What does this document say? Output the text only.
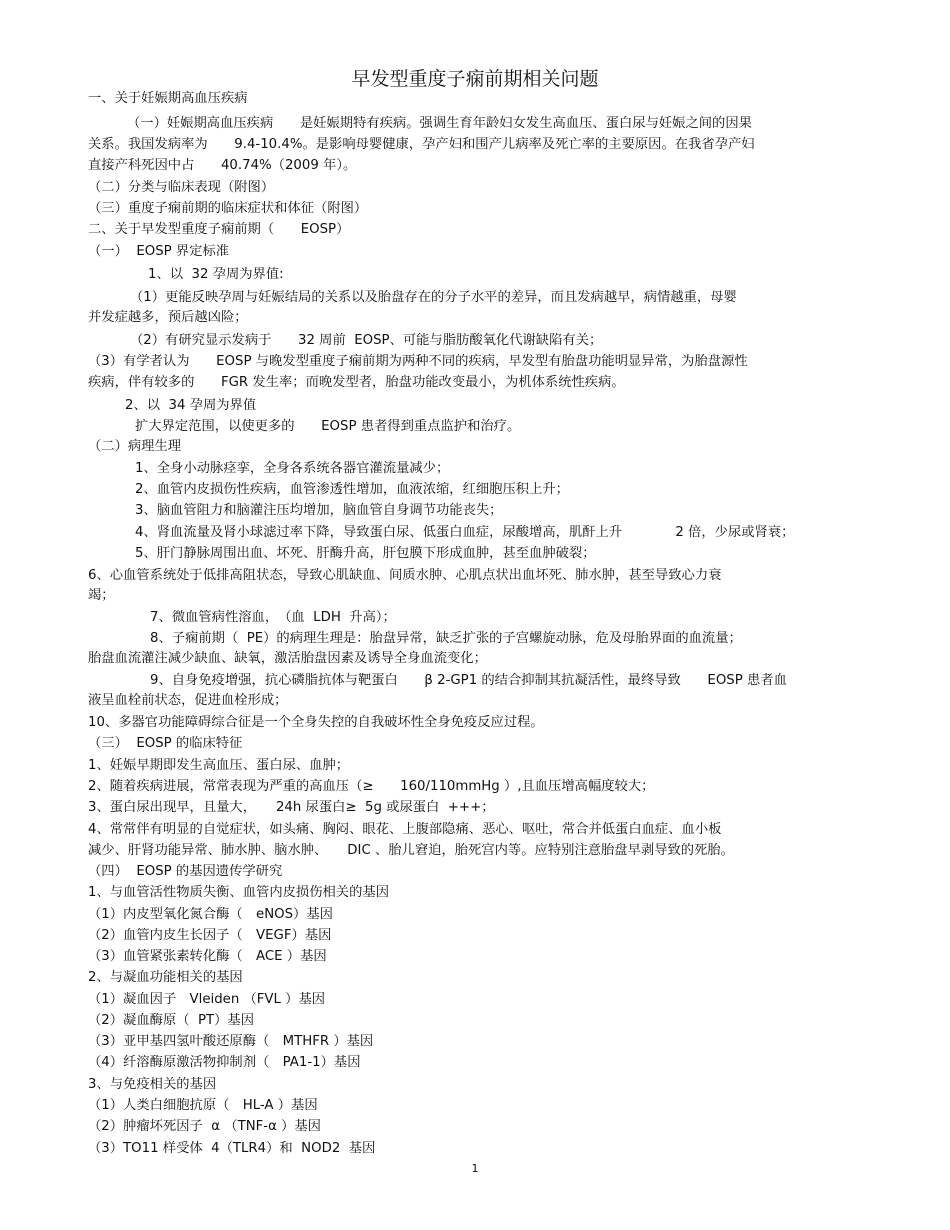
早发型重度子痫前期相关问题
一、关于妊娠期高血压疾病
（一）妊娠期高血压疾病　　是妊娠期特有疾病。强调生育年龄妇女发生高血压、蛋白尿与妊娠之间的因果
关系。我国发病率为　　9.4-10.4%。是影响母婴健康，孕产妇和围产儿病率及死亡率的主要原因。在我省孕产妇
直接产科死因中占　　40.74%（2009 年）。
（二）分类与临床表现（附图）
（三）重度子痫前期的临床症状和体征（附图）
二、关于早发型重度子痫前期（　　EOSP）
（一）  EOSP 界定标准
1、以  32 孕周为界值:
（1）更能反映孕周与妊娠结局的关系以及胎盘存在的分子水平的差异，而且发病越早，病情越重，母婴
并发症越多，预后越凶险；
（2）有研究显示发病于　　32 周前  EOSP、可能与脂肪酸氧化代谢缺陷有关；
（3）有学者认为　　EOSP 与晚发型重度子痫前期为两种不同的疾病，早发型有胎盘功能明显异常，为胎盘源性
疾病，伴有较多的　　FGR 发生率；而晚发型者，胎盘功能改变最小，为机体系统性疾病。
2、以  34 孕周为界值
扩大界定范围，以使更多的　　EOSP 患者得到重点监护和治疗。
（二）病理生理
1、全身小动脉痉挛，全身各系统各器官灌流量减少；
2、血管内皮损伤性疾病，血管渗透性增加，血液浓缩，红细胞压积上升；
3、脑血管阻力和脑灌注压均增加，脑血管自身调节功能丧失；
4、肾血流量及肾小球滤过率下降，导致蛋白尿、低蛋白血症，尿酸增高，肌酐上升　　　　2 倍，少尿或肾衰；
5、肝门静脉周围出血、坏死、肝酶升高，肝包膜下形成血肿，甚至血肿破裂；
6、心血管系统处于低排高阻状态，导致心肌缺血、间质水肿、心肌点状出血坏死、肺水肿，甚至导致心力衰
竭；
7、微血管病性溶血，　（血  LDH  升高）；
8、子痫前期（  PE）的病理生理是：胎盘异常，缺乏扩张的子宫螺旋动脉，危及母胎界面的血流量；
胎盘血流灌注减少缺血、缺氧，激活胎盘因素及诱导全身血流变化；
9、自身免疫增强，抗心磷脂抗体与靶蛋白　　β 2-GP1 的结合抑制其抗凝活性，最终导致　　EOSP 患者血
液呈血栓前状态，促进血栓形成；
10、多器官功能障碍综合征是一个全身失控的自我破坏性全身免疫反应过程。
（三）  EOSP 的临床特征
1、妊娠早期即发生高血压、蛋白尿、血肿；
2、随着疾病进展，常常表现为严重的高血压（≥　　160/110mmHg ）,且血压增高幅度较大；
3、蛋白尿出现早，且量大，　　24h 尿蛋白≥  5g 或尿蛋白  +++；
4、常常伴有明显的自觉症状，如头痛、胸闷、眼花、上腹部隐痛、恶心、呕吐，常合并低蛋白血症、血小板
减少、肝肾功能异常、肺水肿、脑水肿、　　DIC 、胎儿窘迫，胎死宫内等。应特别注意胎盘早剥导致的死胎。
（四）  EOSP 的基因遗传学研究
1、与血管活性物质失衡、血管内皮损伤相关的基因
（1）内皮型氧化氮合酶（　eNOS）基因
（2）血管内皮生长因子（　VEGF）基因
（3）血管紧张素转化酶（　ACE ）基因
2、与凝血功能相关的基因
（1）凝血因子　Vleiden （FVL ）基因
（2）凝血酶原（  PT）基因
（3）亚甲基四氢叶酸还原酶（　MTHFR ）基因
（4）纤溶酶原激活物抑制剂（　PA1-1）基因
3、与免疫相关的基因
（1）人类白细胞抗原（　HL-A ）基因
（2）肿瘤坏死因子  α （TNF-α ）基因
（3）TO11 样受体  4（TLR4）和  NOD2  基因
1
